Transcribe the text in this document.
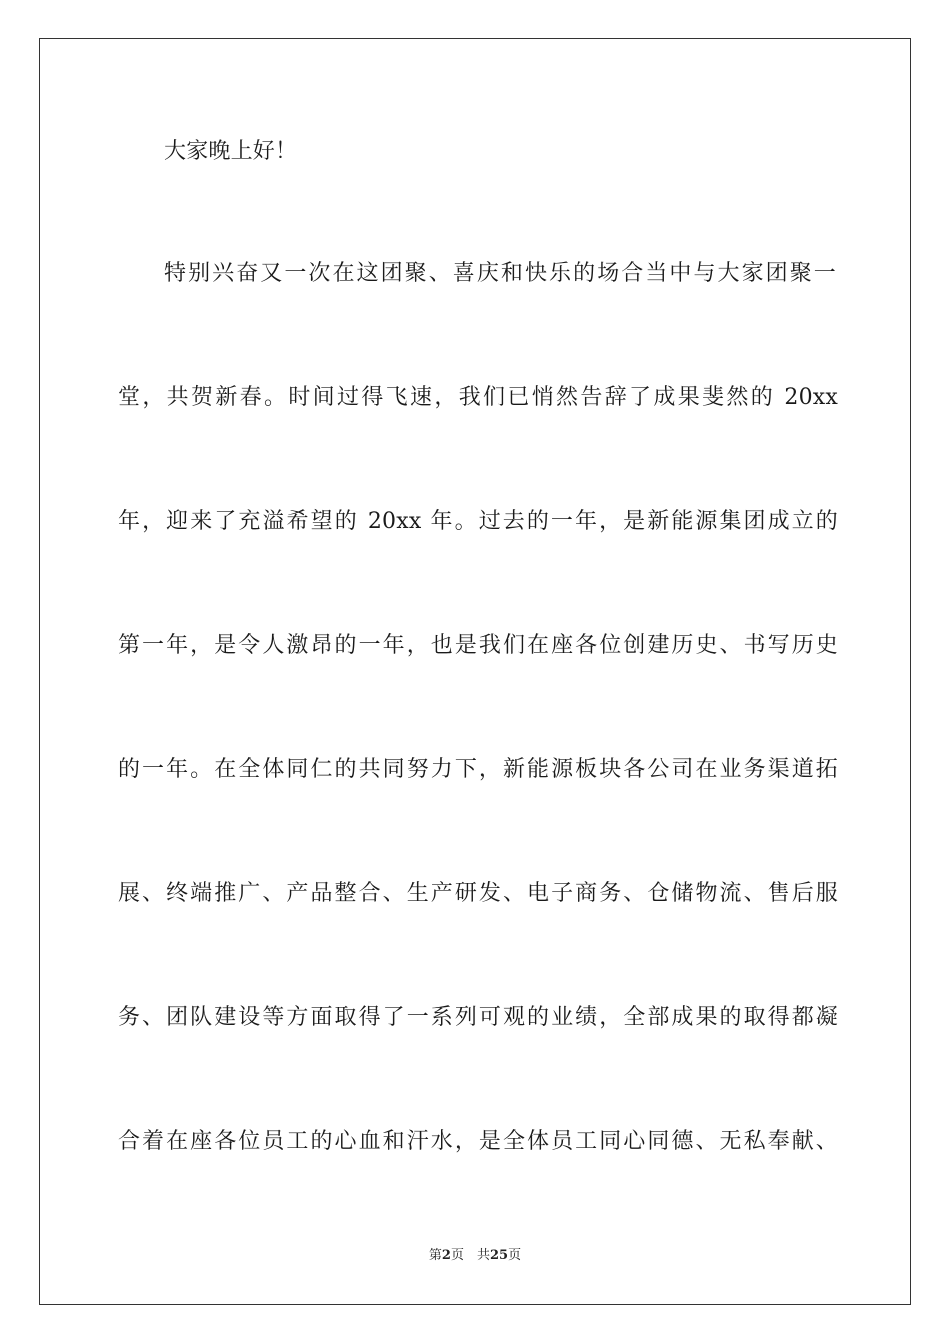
大家晚上好！
特别兴奋又一次在这团聚、喜庆和快乐的场合当中与大家团聚一
堂，共贺新春。时间过得飞速，我们已悄然告辞了成果斐然的 20xx
年，迎来了充溢希望的 20xx 年。过去的一年，是新能源集团成立的
第一年，是令人激昂的一年，也是我们在座各位创建历史、书写历史
的一年。在全体同仁的共同努力下，新能源板块各公司在业务渠道拓
展、终端推广、产品整合、生产研发、电子商务、仓储物流、售后服
务、团队建设等方面取得了一系列可观的业绩，全部成果的取得都凝
合着在座各位员工的心血和汗水，是全体员工同心同德、无私奉献、
第2页　共25页
